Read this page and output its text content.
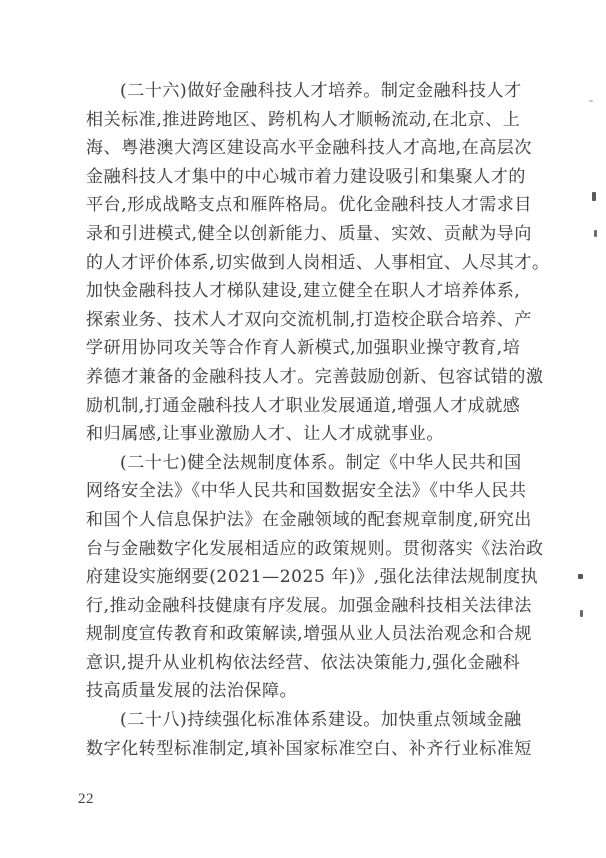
(二十六)做好金融科技人才培养。制定金融科技人才
相关标准,推进跨地区、跨机构人才顺畅流动,在北京、上
海、粤港澳大湾区建设高水平金融科技人才高地,在高层次
金融科技人才集中的中心城市着力建设吸引和集聚人才的
平台,形成战略支点和雁阵格局。优化金融科技人才需求目
录和引进模式,健全以创新能力、质量、实效、贡献为导向
的人才评价体系,切实做到人岗相适、人事相宜、人尽其才。
加快金融科技人才梯队建设,建立健全在职人才培养体系,
探索业务、技术人才双向交流机制,打造校企联合培养、产
学研用协同攻关等合作育人新模式,加强职业操守教育,培
养德才兼备的金融科技人才。完善鼓励创新、包容试错的激
励机制,打通金融科技人才职业发展通道,增强人才成就感
和归属感,让事业激励人才、让人才成就事业。
(二十七)健全法规制度体系。制定《中华人民共和国
网络安全法》《中华人民共和国数据安全法》《中华人民共
和国个人信息保护法》在金融领域的配套规章制度,研究出
台与金融数字化发展相适应的政策规则。贯彻落实《法治政
府建设实施纲要(2021—2025 年)》,强化法律法规制度执
行,推动金融科技健康有序发展。加强金融科技相关法律法
规制度宣传教育和政策解读,增强从业人员法治观念和合规
意识,提升从业机构依法经营、依法决策能力,强化金融科
技高质量发展的法治保障。
(二十八)持续强化标准体系建设。加快重点领域金融
数字化转型标准制定,填补国家标准空白、补齐行业标准短
22
